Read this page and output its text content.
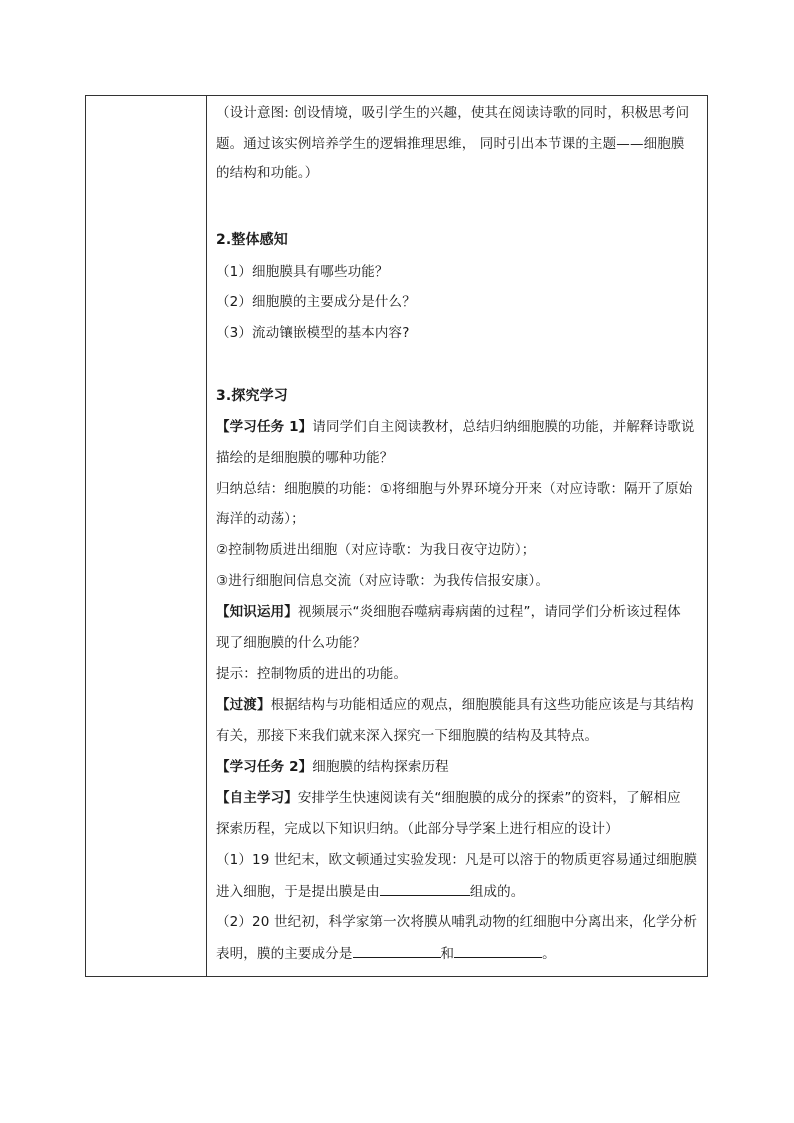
（设计意图: 创设情境，吸引学生的兴趣，使其在阅读诗歌的同时，积极思考问
题。通过该实例培养学生的逻辑推理思维， 同时引出本节课的主题——细胞膜
的结构和功能。）
2.整体感知
（1）细胞膜具有哪些功能？
（2）细胞膜的主要成分是什么？
（3）流动镶嵌模型的基本内容?
3.探究学习
【学习任务 1】请同学们自主阅读教材，总结归纳细胞膜的功能，并解释诗歌说
描绘的是细胞膜的哪种功能？
归纳总结：细胞膜的功能：①将细胞与外界环境分开来（对应诗歌：隔开了原始
海洋的动荡）；
②控制物质进出细胞（对应诗歌：为我日夜守边防）；
③进行细胞间信息交流（对应诗歌：为我传信报安康）。
【知识运用】视频展示“炎细胞吞噬病毒病菌的过程”，请同学们分析该过程体
现了细胞膜的什么功能？
提示：控制物质的进出的功能。
【过渡】根据结构与功能相适应的观点，细胞膜能具有这些功能应该是与其结构
有关，那接下来我们就来深入探究一下细胞膜的结构及其特点。
【学习任务 2】细胞膜的结构探索历程
【自主学习】安排学生快速阅读有关“细胞膜的成分的探索”的资料，了解相应
探索历程，完成以下知识归纳。（此部分导学案上进行相应的设计）
（1）19 世纪末，欧文顿通过实验发现：凡是可以溶于的物质更容易通过细胞膜
进入细胞，于是提出膜是由	组成的。
（2）20 世纪初，科学家第一次将膜从哺乳动物的红细胞中分离出来，化学分析
表明，膜的主要成分是	和	。
